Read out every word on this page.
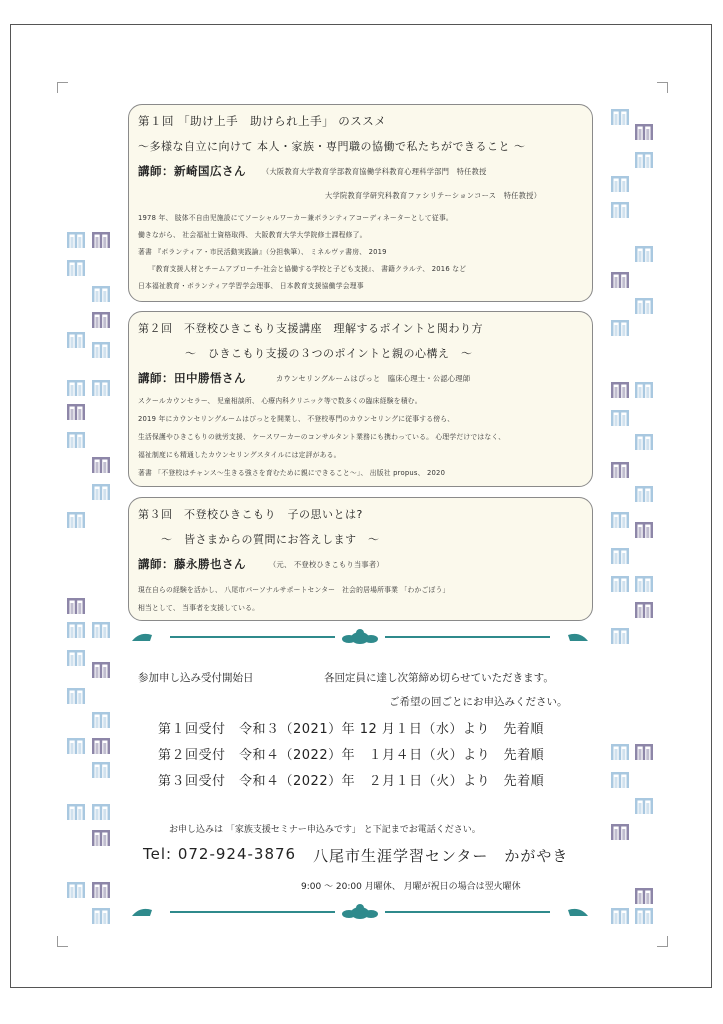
第１回 「助け上手　助けられ上手」 のススメ
〜多様な自立に向けて 本人・家族・専門職の協働で私たちができること 〜
講師：新崎国広さん （大阪教育大学教育学部教育協働学科教育心理科学部門　特任教授
大学院教育学研究科教育ファシリテーションコース　特任教授）
1978 年、 肢体不自由児施設にてソーシャルワーカー兼ボランティアコーディネーターとして従事。
働きながら、 社会福祉士資格取得、 大阪教育大学大学院修士課程修了。
著書 『ボランティア・市民活動実践論』（分担執筆）、 ミネルヴァ書房、 2019
　　『教育支援人材とチームアプローチ‐社会と協働する学校と子ども支援』、 書籍クラルテ、 2016 など
日本福祉教育・ボランティア学習学会理事、 日本教育支援協働学会理事
第２回　不登校ひきこもり支援講座　理解するポイントと関わり方
〜　ひきこもり支援の３つのポイントと親の心構え　〜
講師：田中勝悟さん	カウンセリングルームはぴっと　臨床心理士・公認心理師
スクールカウンセラー、 児童相談所、 心療内科クリニック等で数多くの臨床経験を積む。
2019 年にカウンセリングルームはぴっとを開業し、 不登校専門のカウンセリングに従事する傍ら、
生活保護やひきこもりの就労支援、 ケースワーカーのコンサルタント業務にも携わっている。 心理学だけではなく、
福祉制度にも精通したカウンセリングスタイルには定評がある。
著書 「不登校はチャンス〜生きる強さを育むために親にできること〜」、 出版社 propus、 2020
第３回　不登校ひきこもり　子の思いとは?
〜　皆さまからの質問にお答えします　〜
講師：藤永勝也さん	（元、 不登校ひきこもり当事者）
現在自らの経験を活かし、 八尾市パーソナルサポートセンター　社会的居場所事業 「わかごぼう」
相当として、 当事者を支援している。
参加申し込み受付開始日	各回定員に達し次第締め切らせていただきます。
ご希望の回ごとにお申込みください。
第１回受付　令和３（2021）年 12 月１日（水）より　先着順
第２回受付　令和４（2022）年　１月４日（火）より　先着順
第３回受付　令和４（2022）年　２月１日（火）より　先着順
お申し込みは 「家族支援セミナー申込みです」 と下記までお電話ください。
Tel: 072-924-3876 八尾市生涯学習センター　かがやき
9:00 〜 20:00 月曜休、 月曜が祝日の場合は翌火曜休
